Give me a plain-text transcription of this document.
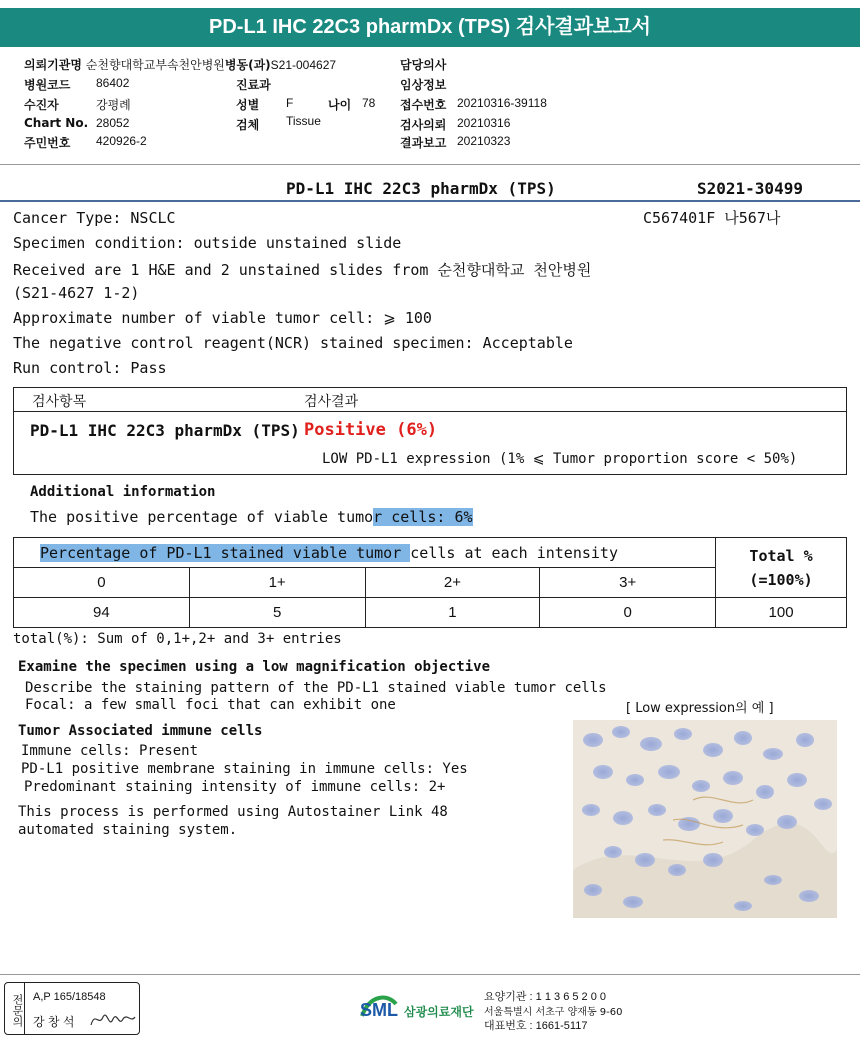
PD-L1 IHC 22C3 pharmDx (TPS) 검사결과보고서
의뢰기관명 순천향대학교부속천안병원병동(과)S21-004627
병원코드 86402
수진자	강평례
Chart No. 28052
주민번호 420926-2
진료과
성별 F	나이 78
검체 Tissue
담당의사
임상정보
접수번호 20210316-39118
검사의뢰 20210316
결과보고 20210323
PD-L1 IHC 22C3 pharmDx (TPS)	S2021-30499
Cancer Type: NSCLC	C567401F 나567나
Specimen condition: outside unstained slide
Received are 1 H&E and 2 unstained slides from 순천향대학교 천안병원
(S21-4627 1-2)
Approximate number of viable tumor cell: ⩾ 100
The negative control reagent(NCR) stained specimen: Acceptable
Run control: Pass
검사항목	검사결과
PD-L1 IHC 22C3 pharmDx (TPS) Positive (6%)
LOW PD-L1 expression (1% ⩽ Tumor proportion score < 50%)
Additional information
The positive percentage of viable tumor cells: 6%
Percentage of PD-L1 stained viable tumor cells at each intensity				Total %
(=100%)

0	1+	2+	3+	
94	5	1	0	100
total(%): Sum of 0,1+,2+ and 3+ entries
Examine the specimen using a low magnification objective
Describe the staining pattern of the PD-L1 stained viable tumor cells
Focal: a few small foci that can exhibit one	[ Low expression의 예 ]
Tumor Associated immune cells
Immune cells: Present
PD-L1 positive membrane staining in immune cells: Yes
Predominant staining intensity of immune cells: 2+
This process is performed using Autostainer Link 48
automated staining system.
전문의 A,P 165/18548
강 창 석
SML 삼광의료재단
요양기관 : 1 1 3 6 5 2 0 0
서울특별시 서초구 양재동 9-60
대표번호 : 1661-5117
